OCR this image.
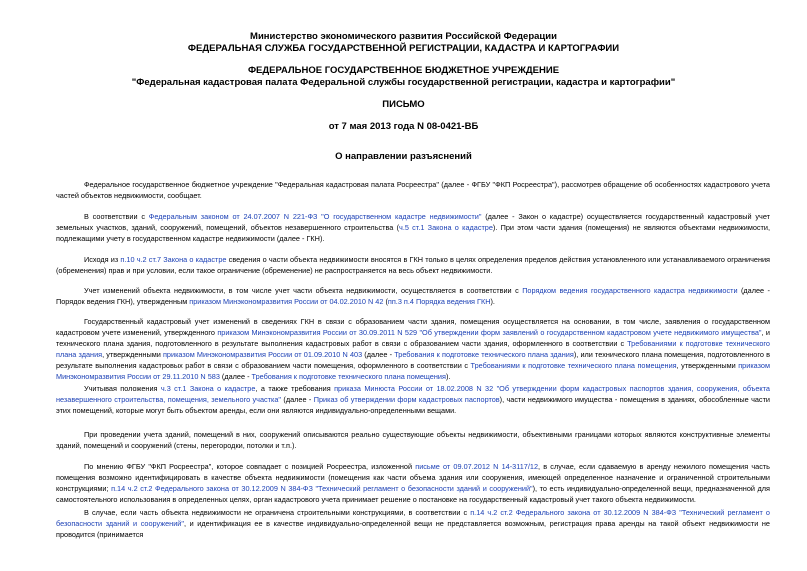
Министерство экономического развития Российской Федерации
ФЕДЕРАЛЬНАЯ СЛУЖБА ГОСУДАРСТВЕННОЙ РЕГИСТРАЦИИ, КАДАСТРА И КАРТОГРАФИИ
ФЕДЕРАЛЬНОЕ ГОСУДАРСТВЕННОЕ БЮДЖЕТНОЕ УЧРЕЖДЕНИЕ
"Федеральная кадастровая палата Федеральной службы государственной регистрации, кадастра и картографии"
ПИСЬМО
от 7 мая 2013 года N 08-0421-ВБ
О направлении разъяснений

Федеральное государственное бюджетное учреждение "Федеральная кадастровая палата Росреестра" (далее - ФГБУ "ФКП Росреестра"), рассмотрев обращение об особенностях кадастрового учета частей объектов недвижимости, сообщает.

В соответствии с Федеральным законом от 24.07.2007 N 221-ФЗ "О государственном кадастре недвижимости" (далее - Закон о кадастре) осуществляется государственный кадастровый учет земельных участков, зданий, сооружений, помещений, объектов незавершенного строительства (ч.5 ст.1 Закона о кадастре). При этом части здания (помещения) не являются объектами недвижимости, подлежащими учету в государственном кадастре недвижимости (далее - ГКН).

Исходя из п.10 ч.2 ст.7 Закона о кадастре сведения о части объекта недвижимости вносятся в ГКН только в целях определения пределов действия установленного или устанавливаемого ограничения (обременения) прав и при условии, если такое ограничение (обременение) не распространяется на весь объект недвижимости.

Учет изменений объекта недвижимости, в том числе учет части объекта недвижимости, осуществляется в соответствии с Порядком ведения государственного кадастра недвижимости (далее - Порядок ведения ГКН), утвержденным приказом Минэкономразвития России от 04.02.2010 N 42 (пп.3 п.4 Порядка ведения ГКН).

Государственный кадастровый учет изменений в сведениях ГКН в связи с образованием части здания, помещения осуществляется на основании, в том числе, заявления о государственном кадастровом учете изменений, утвержденного приказом Минэкономразвития России от 30.09.2011 N 529 "Об утверждении форм заявлений о государственном кадастровом учете недвижимого имущества", и технического плана здания, подготовленного в результате выполнения кадастровых работ в связи с образованием части здания, оформленного в соответствии с Требованиями к подготовке технического плана здания, утвержденными приказом Минэкономразвития России от 01.09.2010 N 403 (далее - Требования к подготовке технического плана здания), или технического плана помещения, подготовленного в результате выполнения кадастровых работ в связи с образованием части помещения, оформленного в соответствии с Требованиями к подготовке технического плана помещения, утвержденными приказом Минэкономразвития России от 29.11.2010 N 583 (далее - Требования к подготовке технического плана помещения).

Учитывая положения ч.3 ст.1 Закона о кадастре, а также требования приказа Минюста России от 18.02.2008 N 32 "Об утверждении форм кадастровых паспортов здания, сооружения, объекта незавершенного строительства, помещения, земельного участка" (далее - Приказ об утверждении форм кадастровых паспортов), части недвижимого имущества - помещения в зданиях, обособленные части этих помещений, которые могут быть объектом аренды, если они являются индивидуально-определенными вещами.

При проведении учета зданий, помещений в них, сооружений описываются реально существующие объекты недвижимости, объективными границами которых являются конструктивные элементы зданий, помещений и сооружений (стены, перегородки, потолки и т.п.).

По мнению ФГБУ "ФКП Росреестра", которое совпадает с позицией Росреестра, изложенной письме от 09.07.2012 N 14-3117/12, в случае, если сдаваемую в аренду нежилого помещения часть помещения возможно идентифицировать в качестве объекта недвижимости (помещения как части объема здания или сооружения, имеющей определенное назначение и ограниченной строительными конструкциями; п.14 ч.2 ст.2 Федерального закона от 30.12.2009 N 384-ФЗ "Технический регламент о безопасности зданий и сооружений"), то есть индивидуально-определенной вещи, предназначенной для самостоятельного использования в определенных целях, орган кадастрового учета принимает решение о постановке на государственный кадастровый учет такого объекта недвижимости.

В случае, если часть объекта недвижимости не ограничена строительными конструкциями, в соответствии с п.14 ч.2 ст.2 Федерального закона от 30.12.2009 N 384-ФЗ "Технический регламент о безопасности зданий и сооружений", и идентификация ее в качестве индивидуально-определенной вещи не представляется возможным, регистрация права аренды на такой объект недвижимости не проводится (принимается
